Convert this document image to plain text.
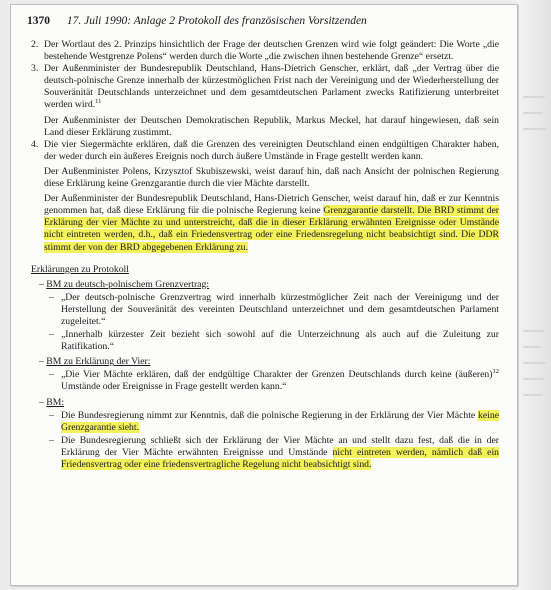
1370 17. Juli 1990: Anlage 2 Protokoll des französischen Vorsitzenden
2. Der Wortlaut des 2. Prinzips hinsichtlich der Frage der deutschen Grenzen wird wie folgt geändert: Die Worte „die bestehende Westgrenze Polens“ werden durch die Worte „die zwischen ihnen bestehende Grenze“ ersetzt.

3. Der Außenminister der Bundesrepublik Deutschland, Hans-Dietrich Genscher, erklärt, daß „der Vertrag über die deutsch-polnische Grenze innerhalb der kürzestmöglichen Frist nach der Vereinigung und der Wiederherstellung der Souveränität Deutschlands unterzeichnet und dem gesamtdeutschen Parlament zwecks Ratifizierung unterbreitet werden wird.$^{11}$

Der Außenminister der Deutschen Demokratischen Republik, Markus Meckel, hat darauf hingewiesen, daß sein Land dieser Erklärung zustimmt.

4. Die vier Siegermächte erklären, daß die Grenzen des vereinigten Deutschland einen endgültigen Charakter haben, der weder durch ein äußeres Ereignis noch durch äußere Umstände in Frage gestellt werden kann.

Der Außenminister Polens, Krzysztof Skubiszewski, weist darauf hin, daß nach Ansicht der polnischen Regierung diese Erklärung keine Grenzgarantie durch die vier Mächte darstellt.

Der Außenminister der Bundesrepublik Deutschland, Hans-Dietrich Genscher, weist darauf hin, daß er zur Kenntnis genommen hat, daß diese Erklärung für die polnische Regierung keine Grenzgarantie darstellt. Die BRD stimmt der Erklärung der vier Mächte zu und unterstreicht, daß die in dieser Erklärung erwähnten Ereignisse oder Umstände nicht eintreten werden, d.h., daß ein Friedensvertrag oder eine Friedensregelung nicht beabsichtigt sind. Die DDR stimmt der von der BRD abgegebenen Erklärung zu.

Erklärungen zu Protokoll
– BM zu deutsch-polnischem Grenzvertrag:
– „Der deutsch-polnische Grenzvertrag wird innerhalb kürzestmöglicher Zeit nach der Vereinigung und der Herstellung der Souveränität des vereinten Deutschland unterzeichnet und dem gesamtdeutschen Parlament zugeleitet.“
– „Innerhalb kürzester Zeit bezieht sich sowohl auf die Unterzeichnung als auch auf die Zuleitung zur Ratifikation.“
– BM zu Erklärung der Vier:
– „Die Vier Mächte erklären, daß der endgültige Charakter der Grenzen Deutschlands durch keine (äußeren)$^{12}$ Umstände oder Ereignisse in Frage gestellt werden kann.“
– BM:
– Die Bundesregierung nimmt zur Kenntnis, daß die polnische Regierung in der Erklärung der Vier Mächte keine Grenzgarantie sieht.
– Die Bundesregierung schließt sich der Erklärung der Vier Mächte an und stellt dazu fest, daß die in der Erklärung der Vier Mächte erwähnten Ereignisse und Umstände nicht eintreten werden, nämlich daß ein Friedensvertrag oder eine friedensvertragliche Regelung nicht beabsichtigt sind.
